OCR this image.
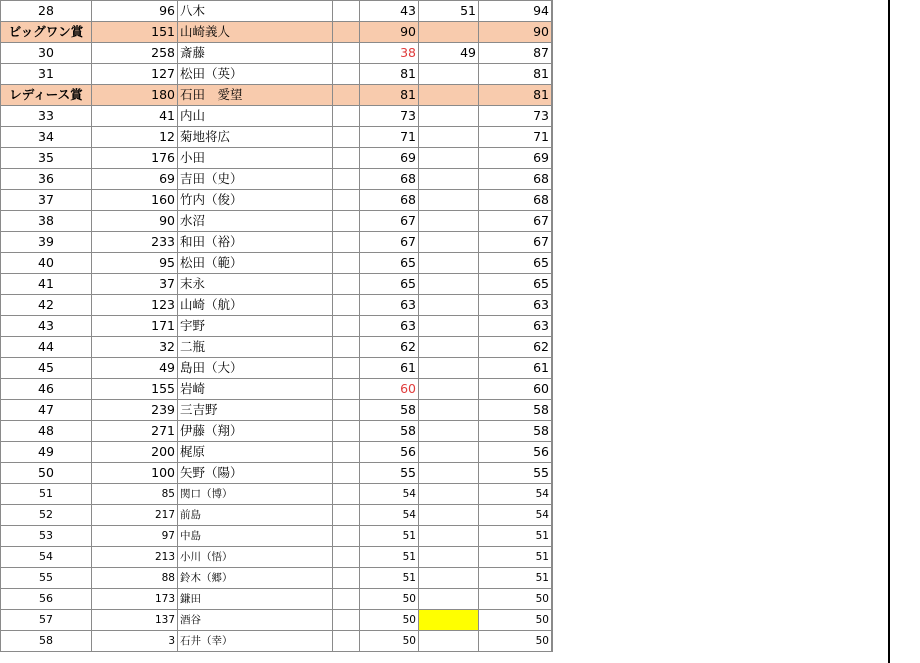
28	96	八木			43	51	94	
ビッグワン賞	151	山崎義人			90		90	
30	258	斎藤			38	49	87	
31	127	松田（英）			81		81	
レディース賞	180	石田　愛望			81		81	
33	41	内山			73		73	
34	12	菊地将広			71		71	
35	176	小田			69		69	
36	69	吉田（史）			68		68	
37	160	竹内（俊）			68		68	
38	90	水沼			67		67	
39	233	和田（裕）			67		67	
40	95	松田（範）			65		65	
41	37	末永			65		65	
42	123	山崎（航）			63		63	
43	171	宇野			63		63	
44	32	二瓶			62		62	
45	49	島田（大）			61		61	
46	155	岩崎			60		60	
47	239	三吉野			58		58	
48	271	伊藤（翔）			58		58	
49	200	梶原			56		56	
50	100	矢野（陽）			55		55	
51	85	関口（博）			54		54	
52	217	前島			54		54	
53	97	中島			51		51	
54	213	小川（悟）			51		51	
55	88	鈴木（郷）			51		51	
56	173	鎌田			50		50	
57	137	酒谷			50		50	
58	3	石井（幸）			50		50	
